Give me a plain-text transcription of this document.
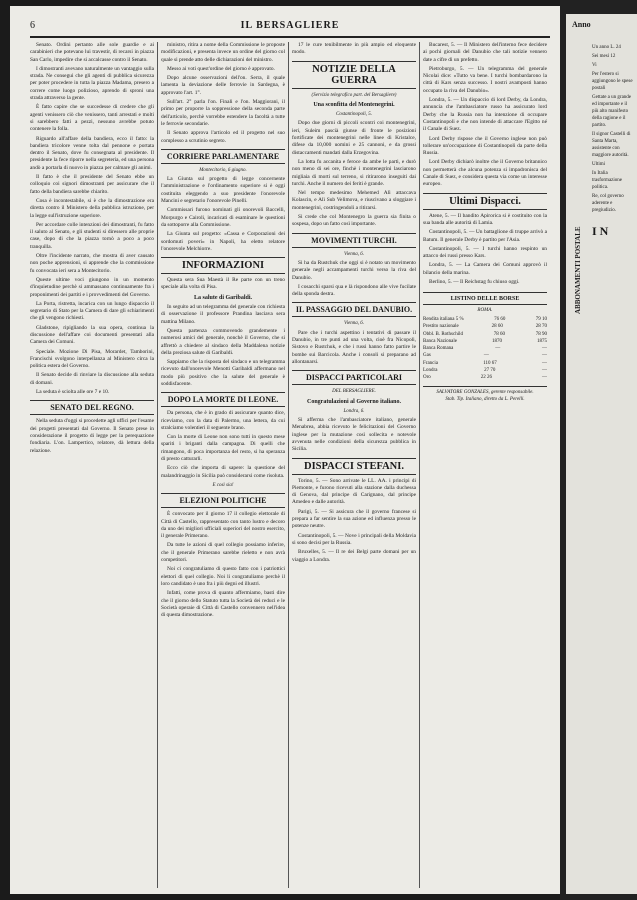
6	IL BERSAGLIERE

Senato. Ordini pertanto alle sole guardie e ai carabinieri che potevano lui travestir, di recarsi in piazza San Carlo, impedire che si accalcasse contro il Senato.

I dimostranti avevano naturalmente un vantaggio sulla strada. Ne consegui che gli agenti di pubblica sicurezza per poter procedere in tutta la piazza Madama, presero a correre come luogo polizioso, aprendo di sproni una strada attraverso la gente.

È fatto capire che se succedesse di credere che gli agenti venissero ciò che venissero, tanti arrestati e molti si sarebbero fatti a pezzi, nessuno avrebbe potuto contenere la folla.

Riguardo all'affare della bandiera, ecco il fatto: la bandiera tricolore venne tolta dal pennone e portata dentro il Senato, dove fu consegnata al presidente. Il presidente la fece riporre nella segreteria, ed una persona andò a portarla di nuovo in piazza per calmare gli animi.

Il fatto è che il presidente del Senato ebbe un colloquio coi signori dimostranti per assicurare che il fatto della bandiera sarebbe chiarito.

Cosa è incontestabile, si è che la dimostrazione era diretta contro il Ministero della pubblica istruzione, per la legge sull'istruzione superiore.

Per accordare colle intenzioni dei dimostranti, fu fatto il saluto al Senato, e gli studenti si diressero alle proprie case, dopo di che la piazza tornò a poco a poco tranquilla.

Oltre l'incidente narrato, che mostra di aver causato non poche apprensioni, si apprende che la commissione fu convocata ieri sera a Montecitorio.

Queste ultime voci giungono in un momento d'inquietudine perchè si ammassano continuamente fra i proponimenti dei partiti e i provvedimenti del Governo.

La Porta, ristretta, incarica con un lungo dispaccio il segretario di Stato per la Camera di dare gli schiarimenti che gli vengono richiesti.

Gladstone, ripigliando la sua opera, continua la discussione dell'affare coi documenti presentati alla Camera dei Comuni.

Speciale. Mozione Di Pisa, Morardet, Tamborini, Francischi svolgono interpellanza al Ministero circa la politica estera del Governo.

Il Senato decide di rinviare la discussione alla seduta di domani.

La seduta è sciolta alle ore 7 e 10.

SENATO DEL REGNO.

Nella seduta d'oggi si procedette agli uffici per l'esame dei progetti presentati dal Governo. Il Senato prese in considerazione il progetto di legge per la perequazione fondiaria. L'on. Lampertico, relatore, dà lettura della relazione.

ministro, ritira a nome della Commissione le proposte modificazioni, e presenta invece un ordine del giorno col quale si prende atto delle dichiarazioni del ministro.

Messo ai voti quest'ordine del giorno è approvato.

Dopo alcune osservazioni dell'on. Serra, il quale lamenta la deviazione delle ferrovie in Sardegna, è approvato l'art. 1°.

Sull'art. 2° parla l'on. Finali e l'on. Maggiorani, il primo per proporre la soppressione della seconda parte dell'articolo, perchè vorrebbe estendere la facoltà a tutte le ferrovie secondarie.

Il Senato approva l'articolo ed il progetto nel suo complesso a scrutinio segreto.

CORRIERE PARLAMENTARE
Montecitorio, 6 giugno.

La Giunta sul progetto di legge concernente l'amministrazione e l'ordinamento superiore si è oggi costituita eleggendo a suo presidente l'onorevole Mancini e segretario l'onorevole Pinelli.

Commissari furono nominati gli onorevoli Baccelli, Morpurgo e Cairoli, incaricati di esaminare le questioni da sottoporre alla Commissione.

La Giunta sul progetto: «Cassa e Corporazioni dei sordomuti poveri» in Napoli, ha eletto relatore l'onorevole Melchiorre.

INFORMAZIONI

Questa sera Sua Maestà il Re parte con un treno speciale alla volta di Pisa.

La salute di Garibaldi.

In seguito ad un telegramma del generale con richiesta di osservazione il professore Prandina lasciava sera mattina Milano.

Questa partenza commovendo grandemente i numerosi amici del generale, nonchè il Governo, che si affrettò a chiedere al sindaco della Maddalena notizie della preziosa salute di Garibaldi.

Sappiamo che la risposta del sindaco e un telegramma ricevuto dall'onorevole Menotti Garibaldi affermano nel modo più positivo che la salute del generale è soddisfacente.

DOPO LA MORTE DI LEONE.

Da persona, che è in grado di assicurare quanto dice, riceviamo, con la data di Palermo, una lettera, da cui stralciamo volentieri il seguente brano.

Con la morte di Leone non sono tutti in questo mese spariti i briganti dalla campagna. Di quelli che rimangono, di poca importanza del resto, si ha speranza di presto catturarli.

Ecco ciò che importa di sapere: la questione del malandrinaggio in Sicilia può considerarsi come risoluta.

E così sia!
ELEZIONI POLITICHE

È convocato per il giorno 17 il collegio elettorale di Città di Castello, rappresentato con tanto lustro e decoro da uno dei migliori ufficiali superiori del nostro esercito, il generale Primerano.

Da tutte le azioni di quel collegio possiamo inferire, che il generale Primerano sarebbe rieletto e non avrà competitori.

Noi ci congratuliamo di questo fatto con i patriottici elettori di quel collegio. Noi li congratuliamo perchè il loro candidato è uno fra i più degni ed illustri.

Infatti, come prova di quanto affermiamo, basti dire che il giorno dello Statuto tutta la Società dei reduci e le Società operaie di Città di Castello convennero nell'idea di questa dimostrazione.

17 le cure tenibilmente in più ampio ed eloquente modo.

NOTIZIE DELLA GUERRA
(Servizio telegrafico part. del Bersagliere)
Una sconfitta del Montenegrini.
Costantinopoli, 5.

Dopo due giorni di piccoli scontri coi montenegrini, ieri, Suleim pascià giunse di fronte le posizioni fortificate dei montenegrini nelle linee di Kristalce, difese da 10,000 uomini e 25 cannoni, e da grossi distaccamenti mandati dalla Erzegovina.

La lotta fu accanita e feroce da ambe le parti, e durò non meno di sei ore, finchè i montenegrini lasciarono migliaia di morti sul terreno, si ritirarono inseguiti dai turchi. Anche il numero dei feriti è grande.

Nel tempo medesimo Mehemed Alì attaccava Kolascin, e Alì Sub Velimova, e riuscivano a sloggiare i montenegrini, costringendoli a ritirarsi.

Si crede che col Montenegro la guerra sia finita o sospesa, dopo un fatto così importante.

MOVIMENTI TURCHI.
Vienna, 6.

Si ha da Rustchuk che oggi si è notato un movimento generale negli accampamenti turchi verso la riva del Danubio.

I cosacchi sparsi qua e là rispondono alle vive fucilate della sponda destra.

IL PASSAGGIO DEL DANUBIO.
Vienna, 6.

Pare che i turchi aspettino i tentativi di passare il Danubio, in tre punti ad una volta, cioè fra Nicopoli, Sistovo e Rustchuk, e che i russi hanno fatto partire le bombe sui Barcicola. Anche i consoli si preparano ad allontanarsi.

DISPACCI PARTICOLARI
DEL BERSAGLIERE.
Congratulazioni al Governo italiano.
Londra, 6.

Si afferma che l'ambasciatore italiano, generale Menabrea, abbia ricevuto le felicitazioni del Governo inglese per la mutazione così sollecita e notevole avvenuta nelle condizioni della sicurezza pubblica in Sicilia.

DISPACCI STEFANI.

Torino, 5. — Sono arrivate le LL. AA. i principi di Piemonte, e furono ricevuti alla stazione dalla duchessa di Genova, dal principe di Carignano, dal principe Amedeo e dalle autorità.

Parigi, 5. — Si assicura che il governo francese si prepara a far sentire la sua azione ed influenza presso le potenze neutre.

Costantinopoli, 5. — Nove i principali della Moldavia si sono decisi per la Russia.

Bruxelles, 5. — Il re dei Belgi parte domani per un viaggio a Londra.

Bucarest, 5. — Il Ministero dell'interno fece decidere ai pochi giornali del Danubio che tali notizie vennero date a cifre di un prefetto.

Pietroburgo, 5. — Un telegramma del generale Nicolai dice: «Tutto va bene. I turchi bombardarono la città di Kars senza successo. I nostri avamposti hanno occupato la riva del Danubio».

Londra, 5. — Un dispaccio di lord Derby, da Londra, annuncia che l'ambasciatore russo ha assicurato lord Derby che la Russia non ha intenzione di occupare Costantinopoli e che non intende di attaccare l'Egitto né il Canale di Suez.

Lord Derby rispose che il Governo inglese non può tollerare un'occupazione di Costantinopoli da parte della Russia.

Lord Derby dichiarò inoltre che il Governo britannico non permetterà che alcuna potenza si impadronisca del Canale di Suez, e considera questa via come un interesse europeo.

Ultimi Dispacci.

Atene, 5. — Il bandito Apirorica si è costituito con la sua banda alle autorità di Lamia.

Costantinopoli, 5. — Un battaglione di truppe arrivò a Batum. Il generale Derby è partito per l'Asia.

Costantinopoli, 5. — I turchi hanno respinto un attacco dei russi presso Kars.

Londra, 5. — La Camera dei Comuni approvò il bilancio della marina.

Berlino, 5. — Il Reichstag fu chiuso oggi.

LISTINO DELLE BORSE
ROMA.
Rendita italiana 5 %	76 60	79 10
Prestito nazionale	28 60	28 70
Obbl. B. Rothschild	78 60	78 90
Banca Nazionale	1870	1875
Banca Romana	—	—
Gas	—	—
Francia	110 67	—
Londra	27 70	—
Oro	22 26	—
SALVATORE GONZALES, gerente responsabile.
Stab. Tip. Italiano, diretto da L. Perelli.
Anno
ABBONAMENTI POSTALE

Un anno L. 24

Sei mesi 12

Vi

Per l'estero si aggiungono le spese postali

Gettate a un grande ed importante e il più alto manifesto della ragione e il partito.

Il signor Castelli di Santa Marta, assistente con maggiore autorità.

Ultimi

In Italia trasformazione politica.

Re, col governo aderente e pregiudizio.

I N
